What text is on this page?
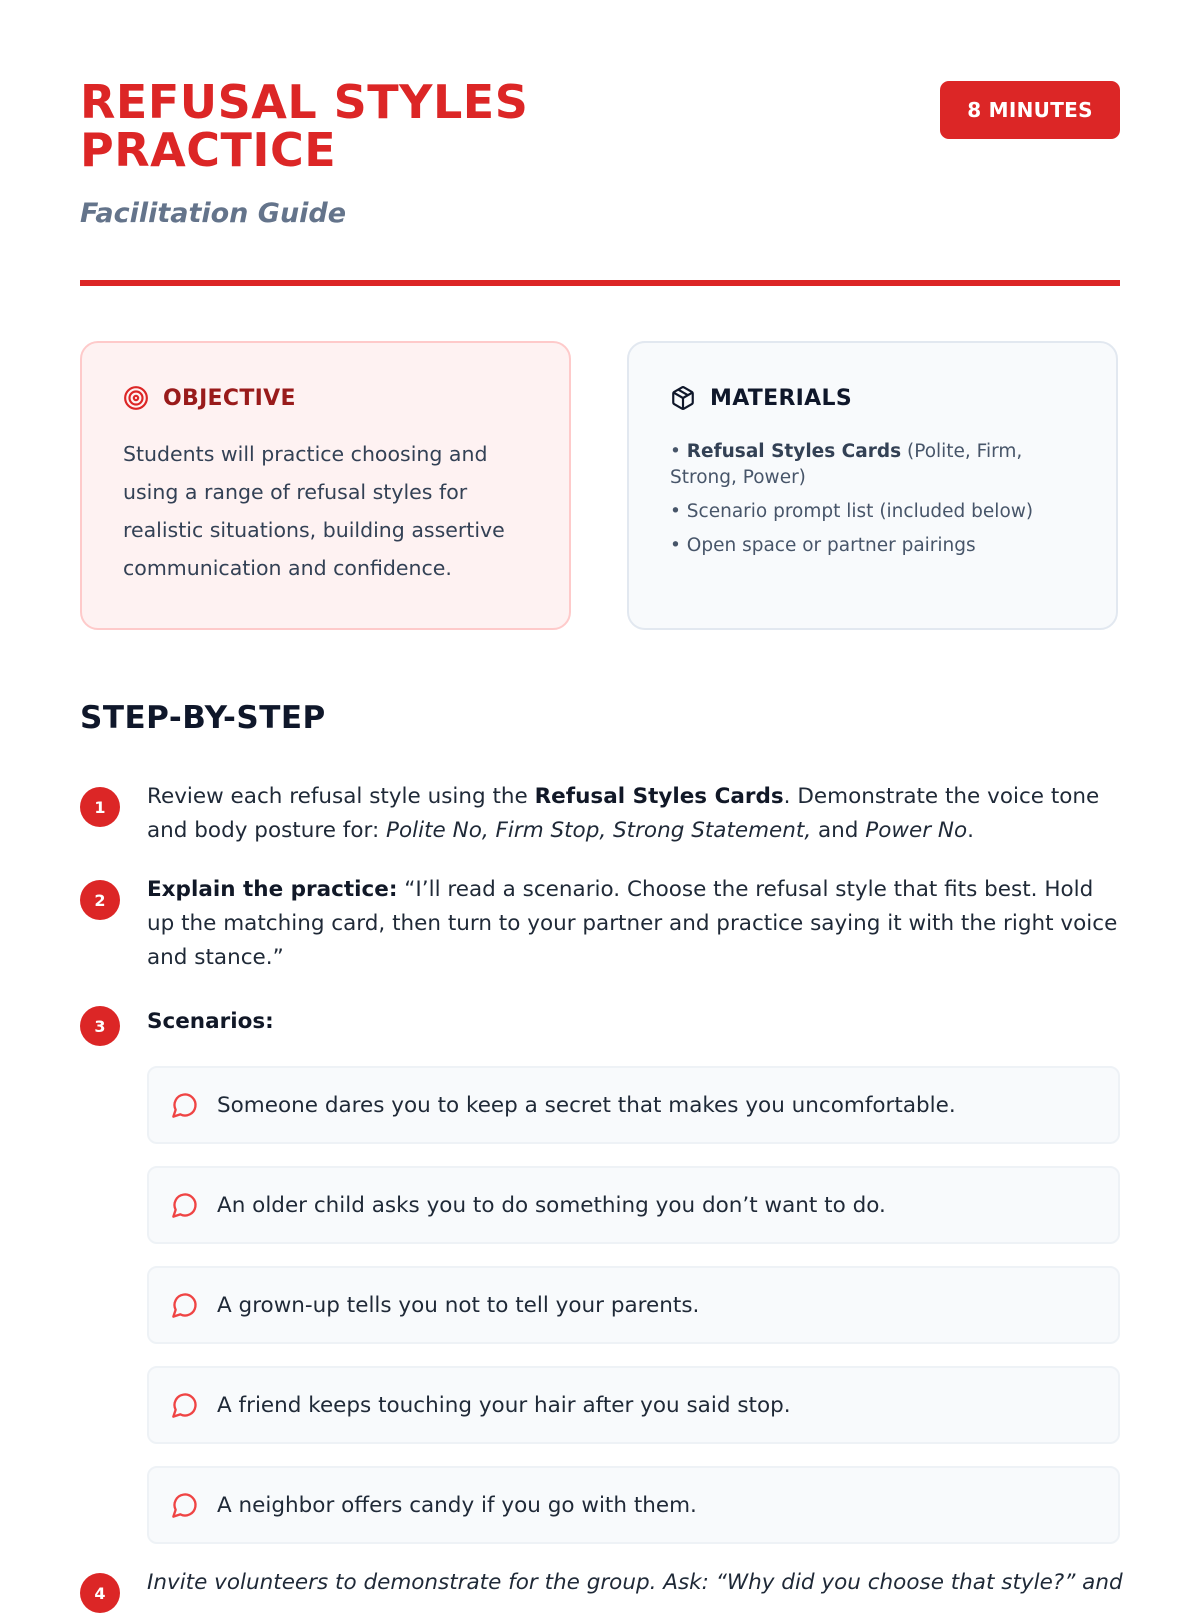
REFUSAL STYLES
PRACTICE

Facilitation Guide

8 MINUTES
OBJECTIVE

Students will practice choosing and using a range of refusal styles for realistic situations, building assertive communication and confidence.

MATERIALS
• Refusal Styles Cards (Polite, Firm, Strong, Power)
• Scenario prompt list (included below)
• Open space or partner pairings
STEP-BY-STEP
1	Review each refusal style using the Refusal Styles Cards. Demonstrate the voice tone and body posture for: Polite No, Firm Stop, Strong Statement, and Power No.

2	Explain the practice: “I’ll read a scenario. Choose the refusal style that fits best. Hold up the matching card, then turn to your partner and practice saying it with the right voice and stance.”

3	Scenarios:

Someone dares you to keep a secret that makes you uncomfortable.
An older child asks you to do something you don’t want to do.
A grown-up tells you not to tell your parents.
A friend keeps touching your hair after you said stop.
A neighbor offers candy if you go with them.
4	Invite volunteers to demonstrate for the group. Ask: “Why did you choose that style?” and
